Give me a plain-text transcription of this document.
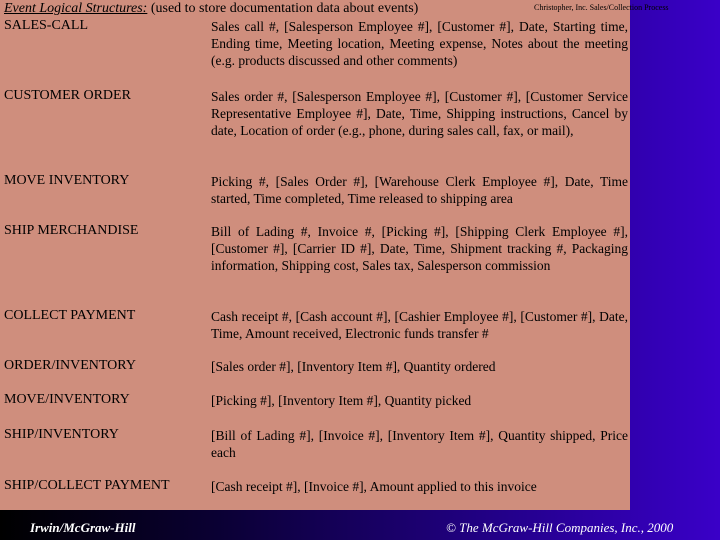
Event Logical Structures: (used to store documentation data about events)	Christopher, Inc. Sales/Collection Process
SALES-CALL	Sales call #, [Salesperson Employee #], [Customer #], Date, Starting time, Ending time, Meeting location, Meeting expense, Notes about the meeting (e.g. products discussed and other comments)
CUSTOMER ORDER	Sales order #, [Salesperson Employee #], [Customer #], [Customer Service Representative Employee #], Date, Time, Shipping instructions, Cancel by date, Location of order (e.g., phone, during sales call, fax, or mail),
MOVE INVENTORY	Picking #, [Sales Order #], [Warehouse Clerk Employee #], Date, Time started, Time completed, Time released to shipping area
SHIP MERCHANDISE	Bill of Lading #, Invoice #, [Picking #], [Shipping Clerk Employee #], [Customer #], [Carrier ID #], Date, Time, Shipment tracking #, Packaging information, Shipping cost, Sales tax, Salesperson commission
COLLECT PAYMENT	Cash receipt #, [Cash account #], [Cashier Employee #], [Customer #], Date, Time, Amount received, Electronic funds transfer #
ORDER/INVENTORY	[Sales order #], [Inventory Item #], Quantity ordered
MOVE/INVENTORY	[Picking #], [Inventory Item #], Quantity picked
SHIP/INVENTORY	[Bill of Lading #], [Invoice #], [Inventory Item #], Quantity shipped, Price each
SHIP/COLLECT PAYMENT	[Cash receipt #], [Invoice #], Amount applied to this invoice
Irwin/McGraw-Hill	© The McGraw-Hill Companies, Inc., 2000
